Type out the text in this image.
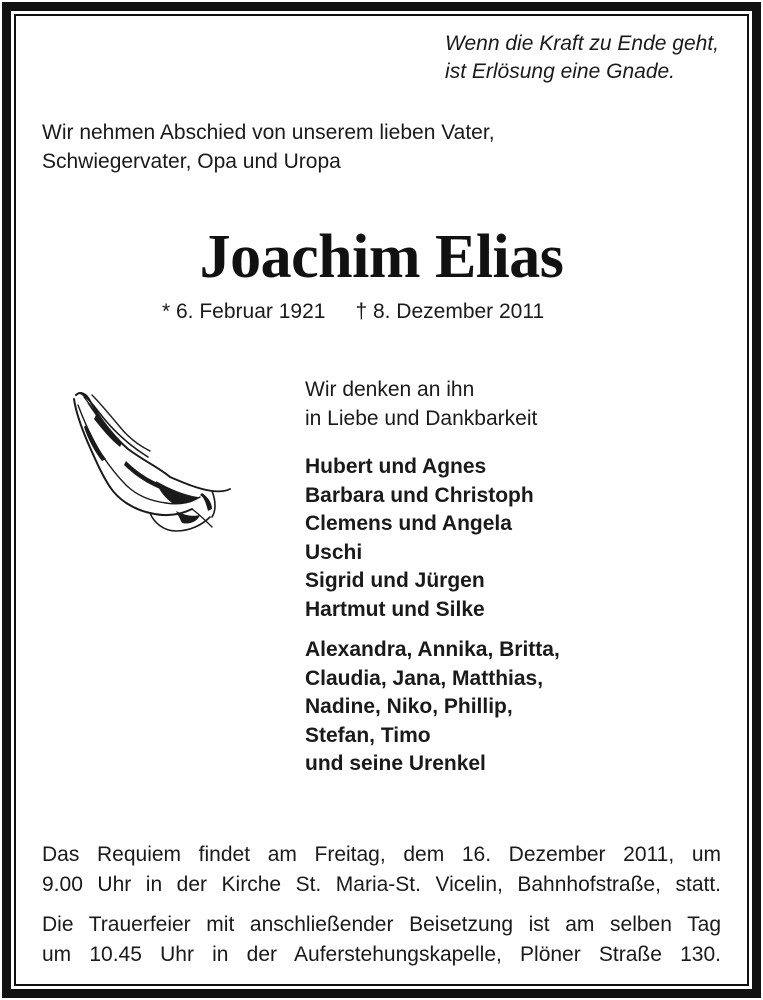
Wenn die Kraft zu Ende geht,
ist Erlösung eine Gnade.
Wir nehmen Abschied von unserem lieben Vater,
Schwiegervater, Opa und Uropa
Joachim Elias
* 6. Februar 1921 † 8. Dezember 2011
Wir denken an ihn
in Liebe und Dankbarkeit
Hubert und Agnes
Barbara und Christoph
Clemens und Angela
Uschi
Sigrid und Jürgen
Hartmut und Silke
Alexandra, Annika, Britta,
Claudia, Jana, Matthias,
Nadine, Niko, Phillip,
Stefan, Timo
und seine Urenkel
Das Requiem findet am Freitag, dem 16. Dezember 2011, um
9.00 Uhr in der Kirche St. Maria-St. Vicelin, Bahnhofstraße, statt.
Die Trauerfeier mit anschließender Beisetzung ist am selben Tag
um 10.45 Uhr in der Auferstehungskapelle, Plöner Straße 130.
